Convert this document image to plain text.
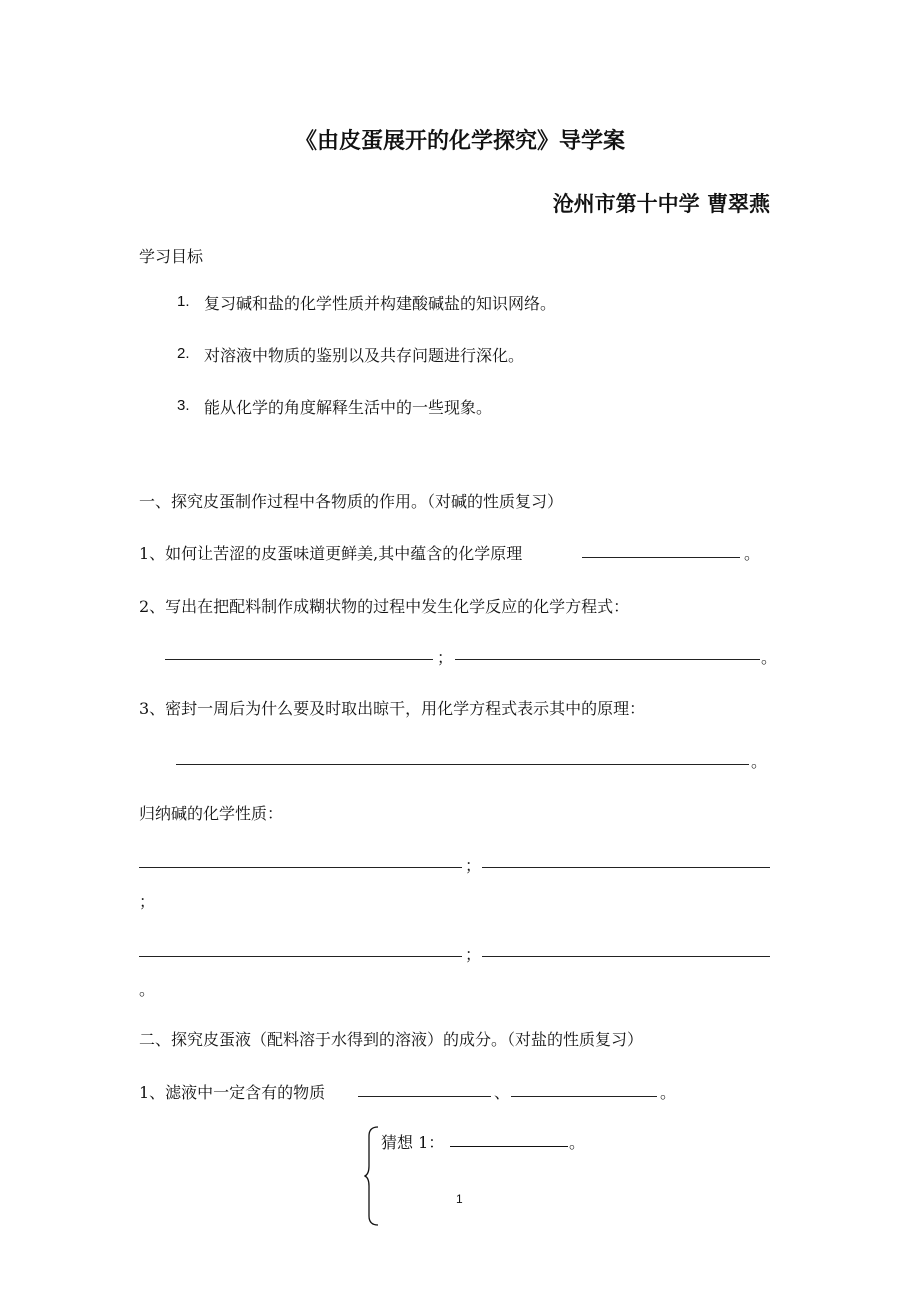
《由皮蛋展开的化学探究》导学案
沧州市第十中学 曹翠燕
学习目标
1. 复习碱和盐的化学性质并构建酸碱盐的知识网络。
2. 对溶液中物质的鉴别以及共存问题进行深化。
3. 能从化学的角度解释生活中的一些现象。
一、探究皮蛋制作过程中各物质的作用。（对碱的性质复习）
1、如何让苦涩的皮蛋味道更鲜美,其中蕴含的化学原理	。
2、写出在把配料制作成糊状物的过程中发生化学反应的化学方程式：
；	。
3、密封一周后为什么要及时取出晾干，用化学方程式表示其中的原理：
。
归纳碱的化学性质：
；
；
；
。
二、探究皮蛋液（配料溶于水得到的溶液）的成分。（对盐的性质复习）
1、滤液中一定含有的物质	、	。
猜想 1：	。
1
